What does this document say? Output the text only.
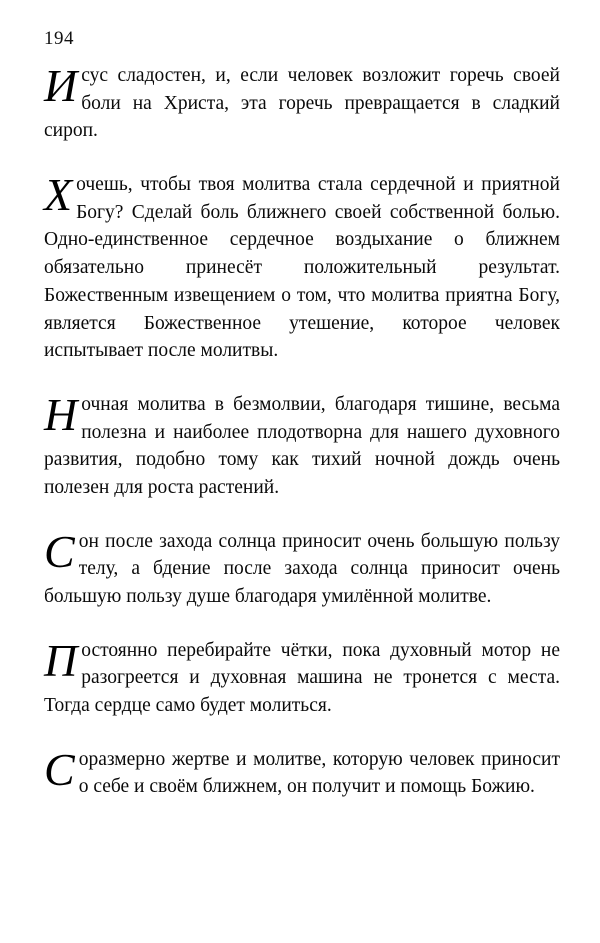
194

И сус сладостен, и, если человек возложит горечь своей боли на Христа, эта горечь превращается в сладкий сироп.

Х очешь, чтобы твоя молитва стала сердечной и приятной Богу? Сделай боль ближнего своей собственной болью. Одно-единственное сердечное воздыхание о ближнем обязательно принесёт положительный результат. Божественным извещением о том, что молитва приятна Богу, является Божественное утешение, которое человек испытывает после молитвы.

Н очная молитва в безмолвии, благодаря тишине, весьма полезна и наиболее плодотворна для нашего духовного развития, подобно тому как тихий ночной дождь очень полезен для роста растений.

С он после захода солнца приносит очень большую пользу телу, а бдение после захода солнца приносит очень большую пользу душе благодаря умилённой молитве.

П остоянно перебирайте чётки, пока духовный мотор не разогреется и духовная машина не тронется с места. Тогда сердце само будет молиться.

С оразмерно жертве и молитве, которую человек приносит о себе и своём ближнем, он получит и помощь Божию.
